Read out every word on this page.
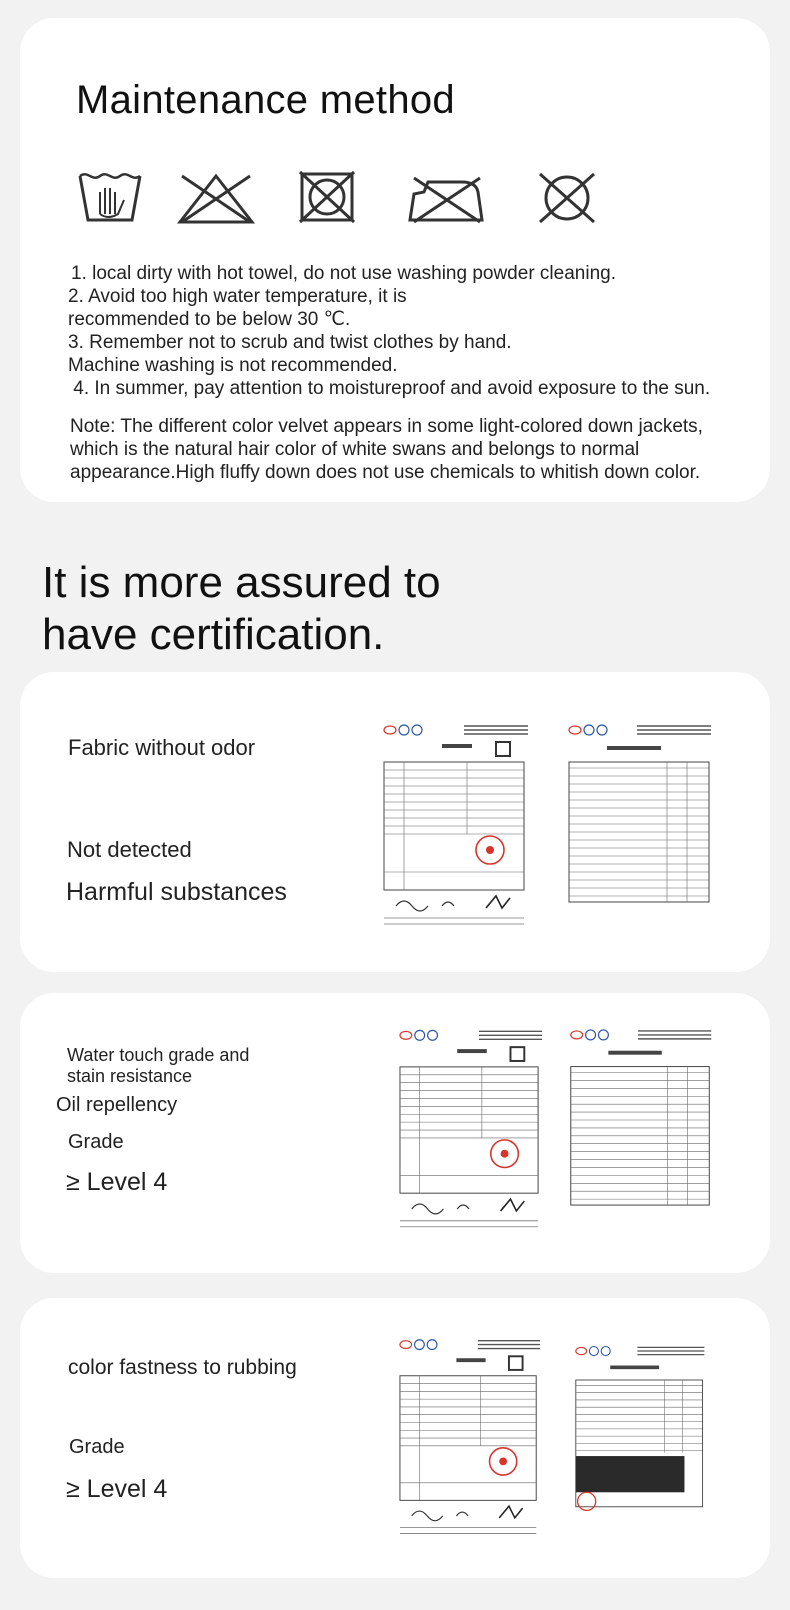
Maintenance method

1. local dirty with hot towel, do not use washing powder cleaning.

2. Avoid too high water temperature, it is

recommended to be below 30 ℃.

3. Remember not to scrub and twist clothes by hand.

Machine washing is not recommended.

4. In summer, pay attention to moistureproof and avoid exposure to the sun.

Note: The different color velvet appears in some light-colored down jackets, which is the natural hair color of white swans and belongs to normal appearance.High fluffy down does not use chemicals to whitish down color.
It is more assured to
have certification.
Fabric without odor
Not detected
Harmful substances
Water touch grade and
stain resistance
Oil repellency
Grade
≥ Level 4
color fastness to rubbing
Grade
≥ Level 4
